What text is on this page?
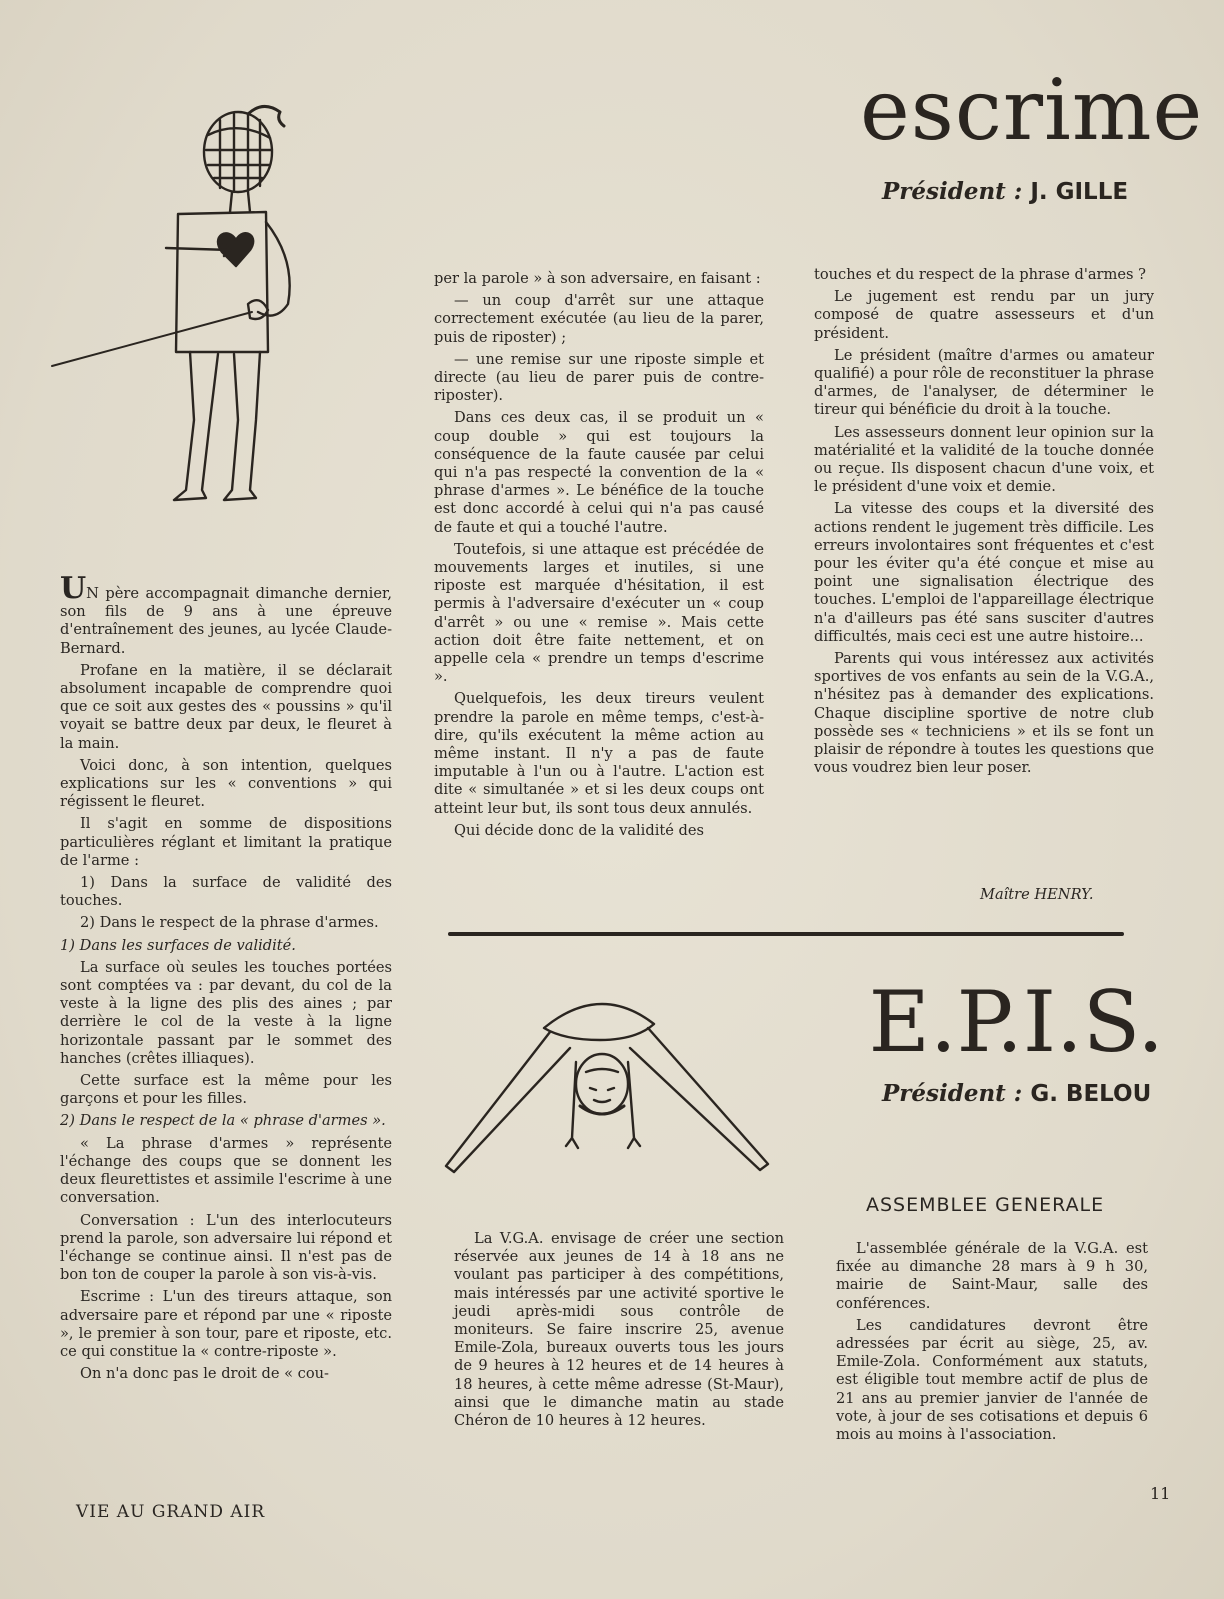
escrime
Président : J. GILLE

UN père accompagnait dimanche dernier, son fils de 9 ans à une épreuve d'entraînement des jeunes, au lycée Claude-Bernard.

Profane en la matière, il se déclarait absolument incapable de comprendre quoi que ce soit aux gestes des « poussins » qu'il voyait se battre deux par deux, le fleuret à la main.

Voici donc, à son intention, quelques explications sur les « conventions » qui régissent le fleuret.

Il s'agit en somme de dispositions particulières réglant et limitant la pratique de l'arme :

1) Dans la surface de validité des touches.

2) Dans le respect de la phrase d'armes.

1) Dans les surfaces de validité.

La surface où seules les touches portées sont comptées va : par devant, du col de la veste à la ligne des plis des aines ; par derrière le col de la veste à la ligne horizontale passant par le sommet des hanches (crêtes illiaques).

Cette surface est la même pour les garçons et pour les filles.

2) Dans le respect de la « phrase d'armes ».

« La phrase d'armes » représente l'échange des coups que se donnent les deux fleurettistes et assimile l'escrime à une conversation.

Conversation : L'un des interlocuteurs prend la parole, son adversaire lui répond et l'échange se continue ainsi. Il n'est pas de bon ton de couper la parole à son vis-à-vis.

Escrime : L'un des tireurs attaque, son adversaire pare et répond par une « riposte », le premier à son tour, pare et riposte, etc. ce qui constitue la « contre-riposte ».

On n'a donc pas le droit de « cou-

per la parole » à son adversaire, en faisant :

— un coup d'arrêt sur une attaque correctement exécutée (au lieu de la parer, puis de riposter) ;

— une remise sur une riposte simple et directe (au lieu de parer puis de contre-riposter).

Dans ces deux cas, il se produit un « coup double » qui est toujours la conséquence de la faute causée par celui qui n'a pas respecté la convention de la « phrase d'armes ». Le bénéfice de la touche est donc accordé à celui qui n'a pas causé de faute et qui a touché l'autre.

Toutefois, si une attaque est précédée de mouvements larges et inutiles, si une riposte est marquée d'hésitation, il est permis à l'adversaire d'exécuter un « coup d'arrêt » ou une « remise ». Mais cette action doit être faite nettement, et on appelle cela « prendre un temps d'escrime ».

Quelquefois, les deux tireurs veulent prendre la parole en même temps, c'est-à-dire, qu'ils exécutent la même action au même instant. Il n'y a pas de faute imputable à l'un ou à l'autre. L'action est dite « simultanée » et si les deux coups ont atteint leur but, ils sont tous deux annulés.

Qui décide donc de la validité des

touches et du respect de la phrase d'armes ?

Le jugement est rendu par un jury composé de quatre assesseurs et d'un président.

Le président (maître d'armes ou amateur qualifié) a pour rôle de reconstituer la phrase d'armes, de l'analyser, de déterminer le tireur qui bénéficie du droit à la touche.

Les assesseurs donnent leur opinion sur la matérialité et la validité de la touche donnée ou reçue. Ils disposent chacun d'une voix, et le président d'une voix et demie.

La vitesse des coups et la diversité des actions rendent le jugement très difficile. Les erreurs involontaires sont fréquentes et c'est pour les éviter qu'a été conçue et mise au point une signalisation électrique des touches. L'emploi de l'appareillage électrique n'a d'ailleurs pas été sans susciter d'autres difficultés, mais ceci est une autre histoire...

Parents qui vous intéressez aux activités sportives de vos enfants au sein de la V.G.A., n'hésitez pas à demander des explications. Chaque discipline sportive de notre club possède ses « techniciens » et ils se font un plaisir de répondre à toutes les questions que vous voudrez bien leur poser.

Maître HENRY.
E.P.I.S.
Président : G. BELOU

La V.G.A. envisage de créer une section réservée aux jeunes de 14 à 18 ans ne voulant pas participer à des compétitions, mais intéressés par une activité sportive le jeudi après-midi sous contrôle de moniteurs. Se faire inscrire 25, avenue Emile-Zola, bureaux ouverts tous les jours de 9 heures à 12 heures et de 14 heures à 18 heures, à cette même adresse (St-Maur), ainsi que le dimanche matin au stade Chéron de 10 heures à 12 heures.

ASSEMBLEE GENERALE

L'assemblée générale de la V.G.A. est fixée au dimanche 28 mars à 9 h 30, mairie de Saint-Maur, salle des conférences.

Les candidatures devront être adressées par écrit au siège, 25, av. Emile-Zola. Conformément aux statuts, est éligible tout membre actif de plus de 21 ans au premier janvier de l'année de vote, à jour de ses cotisations et depuis 6 mois au moins à l'association.

VIE AU GRAND AIR
11
